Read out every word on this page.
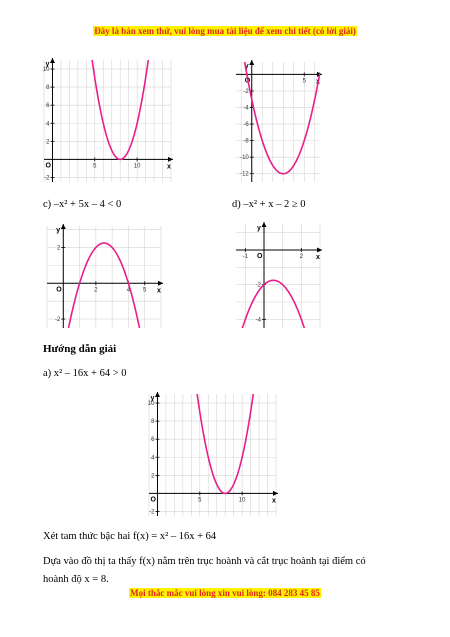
Đây là bản xem thử, vui lòng mua tài liệu để xem chi tiết (có lời giải)
5	10
-2
2
4
6
8
10
x
y
O
5
-2
-4
-6
-8
-10
-12
x
y
O
c) –x² + 5x – 4 < 0	d) –x² + x – 2 ≥ 0
2	4 5
2
-2
x
y
O
-1	2
-2
-4
x
y
O
Hướng dẫn giải
a) x² – 16x + 64 > 0
5	10
-2
2
4
6
8
10
x
y
O
Xét tam thức bậc hai f(x) = x² – 16x + 64
Dựa vào đồ thị ta thấy f(x) nằm trên trục hoành và cắt trục hoành tại điểm có
hoành độ x = 8.
Mọi thắc mắc vui lòng xin vui lòng: 084 283 45 85
